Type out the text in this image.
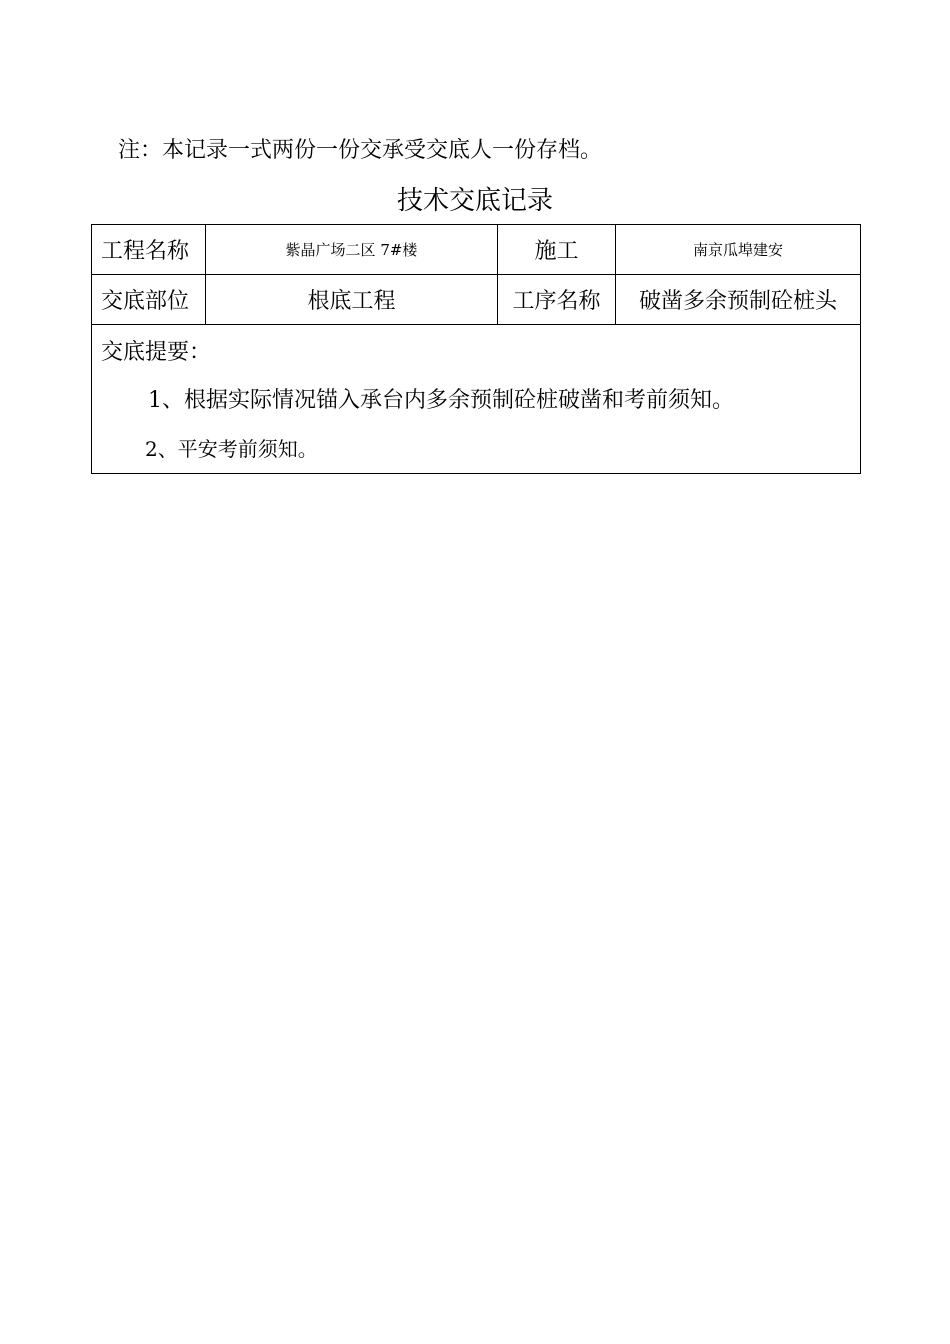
注：本记录一式两份一份交承受交底人一份存档。
技术交底记录
工程名称	紫晶广场二区 7#楼	施工	南京瓜埠建安
交底部位	根底工程	工序名称	破凿多余预制砼桩头

交底提要：
1、根据实际情况锚入承台内多余预制砼桩破凿和考前须知。
2、平安考前须知。			
